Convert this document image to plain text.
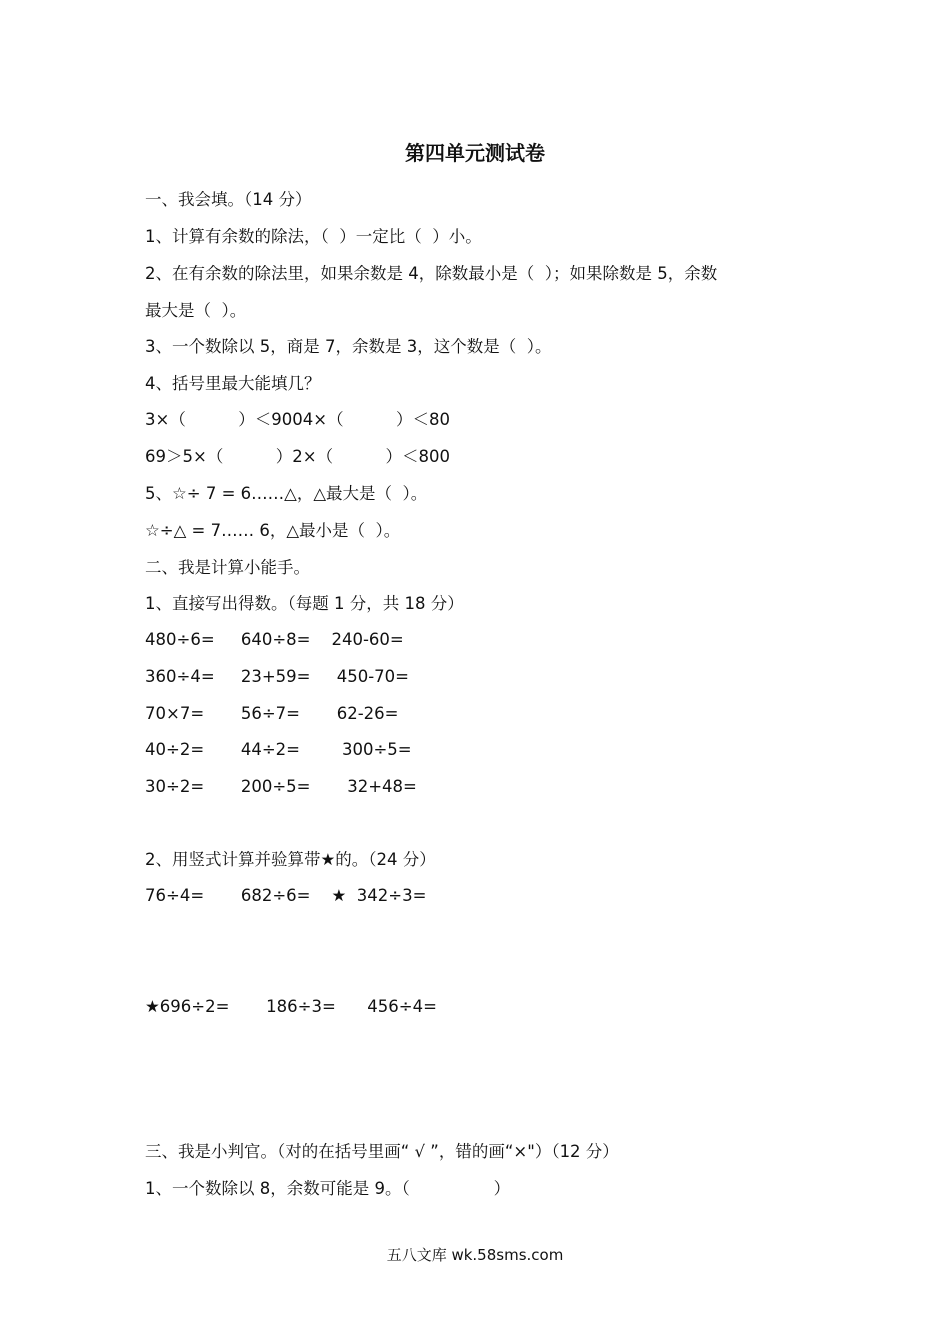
第四单元测试卷
一、我会填。（14 分）
1、计算有余数的除法，（  ）一定比（  ）小。
2、在有余数的除法里，如果余数是 4，除数最小是（  ）；如果除数是 5，余数
最大是（  ）。
3、一个数除以 5，商是 7，余数是 3，这个数是（  ）。
4、括号里最大能填几？
3×（          ）＜9004×（          ）＜80
69＞5×（          ）2×（          ）＜800
5、☆÷ 7 = 6……△，△最大是（  ）。
☆÷△ = 7…… 6，△最小是（  ）。
二、我是计算小能手。
1、直接写出得数。（每题 1 分，共 18 分）
480÷6=     640÷8=    240-60=
360÷4=     23+59=     450-70=
70×7=       56÷7=       62-26=
40÷2=       44÷2=        300÷5=
30÷2=       200÷5=       32+48=
2、用竖式计算并验算带★的。（24 分）
76÷4=       682÷6=    ★  342÷3=
★696÷2=       186÷3=      456÷4=
三、我是小判官。（对的在括号里画“ √ ”，错的画“×"）（12 分）
1、一个数除以 8，余数可能是 9。（                ）
五八文库 wk.58sms.com
